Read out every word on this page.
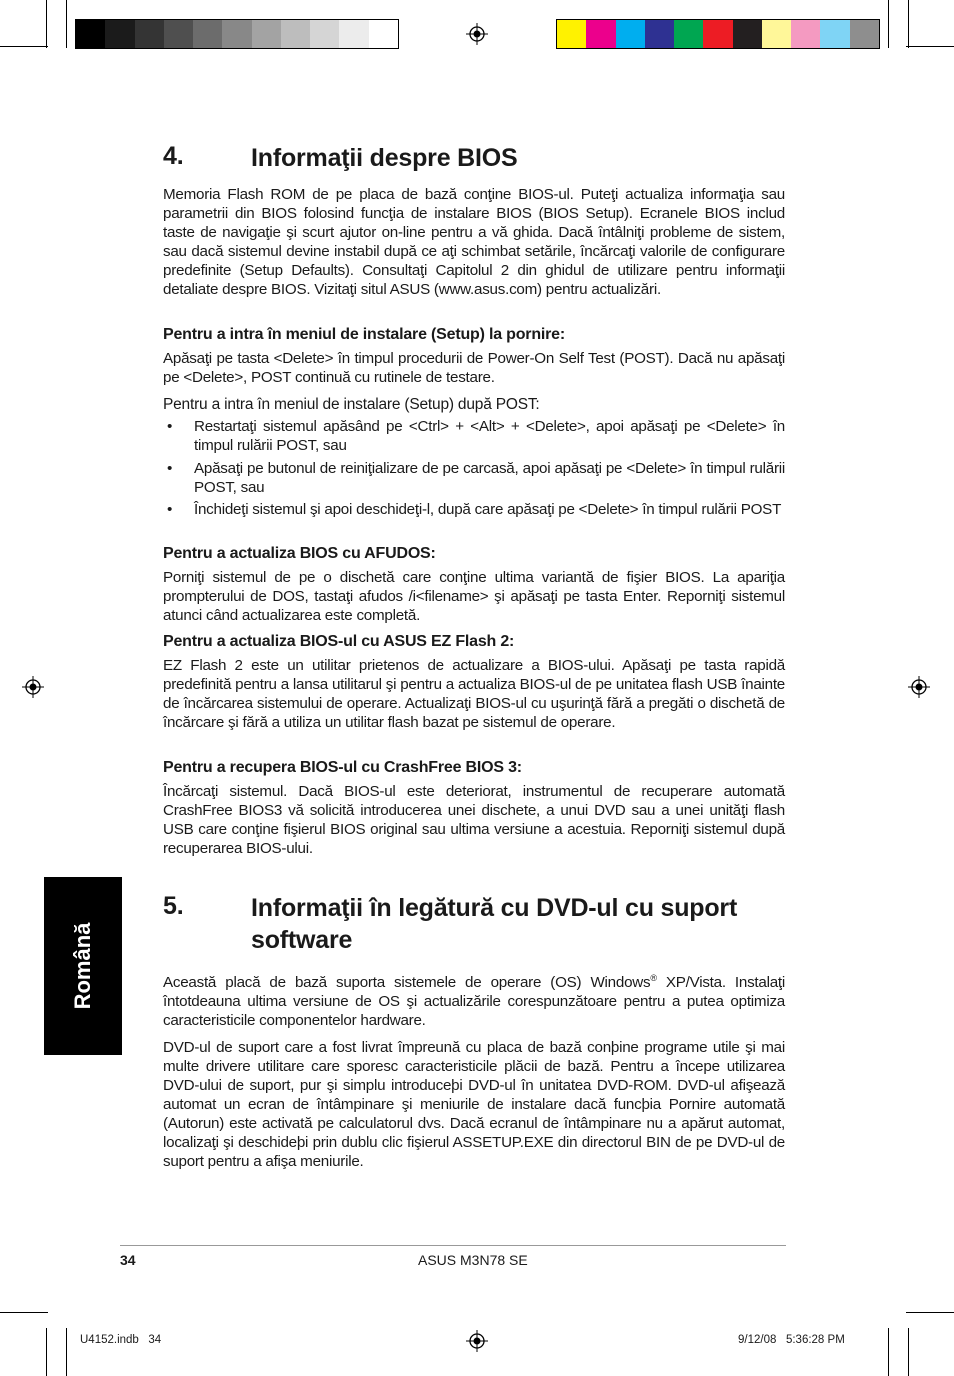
4.	Informaţii despre BIOS
Memoria Flash ROM de pe placa de bază conţine BIOS-ul. Puteţi actualiza informaţia sau parametrii din BIOS folosind funcţia de instalare BIOS (BIOS Setup). Ecranele BIOS includ taste de navigaţie şi scurt ajutor on-line pentru a vă ghida. Dacă întâlniţi probleme de sistem, sau dacă sistemul devine instabil după ce aţi schimbat setările, încărcaţi valorile de configurare predefinite (Setup Defaults). Consultaţi Capitolul 2 din ghidul de utilizare pentru informaţii detaliate despre BIOS. Vizitaţi situl ASUS (www.asus.com) pentru actualizări.
Pentru a intra în meniul de instalare (Setup) la pornire:
Apăsaţi pe tasta <Delete> în timpul procedurii de Power-On Self Test (POST). Dacă nu apăsaţi pe <Delete>, POST continuă cu rutinele de testare.
Pentru a intra în meniul de instalare (Setup) după POST:
• Restartaţi sistemul apăsând pe <Ctrl> + <Alt> + <Delete>, apoi apăsaţi pe <Delete> în timpul rulării POST, sau
• Apăsaţi pe butonul de reiniţializare de pe carcasă, apoi apăsaţi pe <Delete> în timpul rulării POST, sau
• Închideţi sistemul şi apoi deschideţi-l, după care apăsaţi pe <Delete> în timpul rulării POST
Pentru a actualiza BIOS cu AFUDOS:
Porniţi sistemul de pe o dischetă care conţine ultima variantă de fişier BIOS. La apariţia prompterului de DOS, tastaţi afudos /i<filename> şi apăsaţi pe tasta Enter. Reporniţi sistemul atunci când actualizarea este completă.
Pentru a actualiza BIOS-ul cu ASUS EZ Flash 2:
EZ Flash 2 este un utilitar prietenos de actualizare a BIOS-ului. Apăsaţi pe tasta rapidă predefinită pentru a lansa utilitarul şi pentru a actualiza BIOS-ul de pe unitatea flash USB înainte de încărcarea sistemului de operare. Actualizaţi BIOS-ul cu uşurinţă fără a pregăti o dischetă de încărcare şi fără a utiliza un utilitar flash bazat pe sistemul de operare.
Pentru a recupera BIOS-ul cu CrashFree BIOS 3:
Încărcaţi sistemul. Dacă BIOS-ul este deteriorat, instrumentul de recuperare automată CrashFree BIOS3 vă solicită introducerea unei dischete, a unui DVD sau a unei unităţi flash USB care conţine fişierul BIOS original sau ultima versiune a acestuia. Reporniţi sistemul după recuperarea BIOS-ului.
Română
5.	Informaţii în legătură cu DVD-ul cu suport software
Această placă de bază suporta sistemele de operare (OS) Windows® XP/Vista. Instalaţi întotdeauna ultima versiune de OS şi actualizările corespunzătoare pentru a putea optimiza caracteristicile componentelor hardware.
DVD-ul de suport care a fost livrat împreună cu placa de bază conþine programe utile şi mai multe drivere utilitare care sporesc caracteristicile plăcii de bază. Pentru a începe utilizarea DVD-ului de suport, pur şi simplu introduceþi DVD-ul în unitatea DVD-ROM. DVD-ul afişează automat un ecran de întâmpinare şi meniurile de instalare dacă funcþia Pornire automată (Autorun) este activată pe calculatorul dvs. Dacă ecranul de întâmpinare nu a apărut automat, localizaţi şi deschideþi prin dublu clic fişierul ASSETUP.EXE din directorul BIN de pe DVD-ul de suport pentru a afişa meniurile.
34	ASUS M3N78 SE
U4152.indb   34	9/12/08   5:36:28 PM
